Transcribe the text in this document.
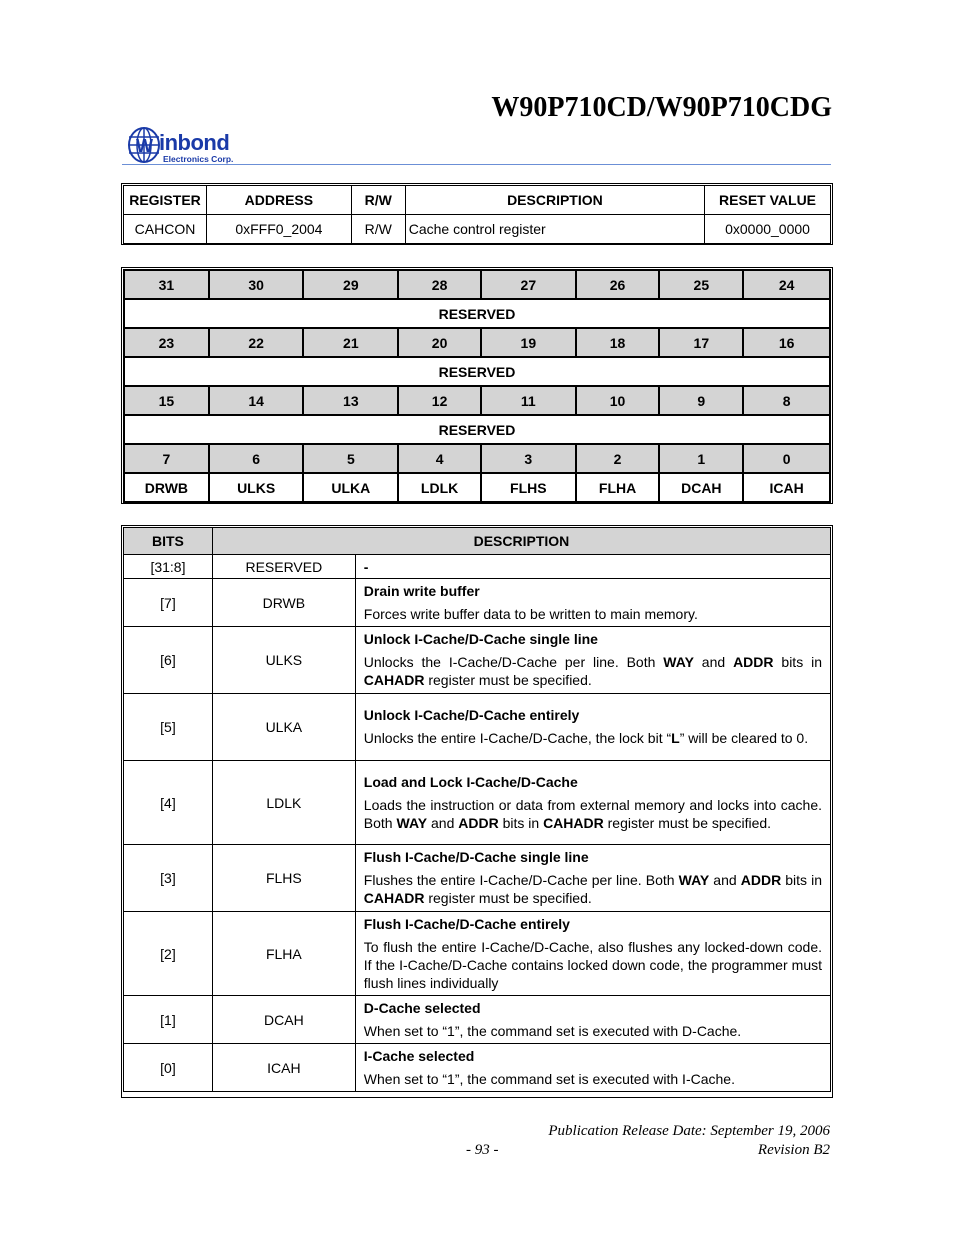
W90P710CD/W90P710CDG
W inbond
Electronics Corp.
REGISTER	ADDRESS	R/W	DESCRIPTION	RESET VALUE
CAHCON	0xFFF0_2004	R/W	Cache control register	0x0000_0000
31	30	29	28	27	26	25	24
RESERVED							
23	22	21	20	19	18	17	16
RESERVED							
15	14	13	12	11	10	9	8
RESERVED							
7	6	5	4	3	2	1	0
DRWB	ULKS	ULKA	LDLK	FLHS	FLHA	DCAH	ICAH
BITS	DESCRIPTION	
[31:8]	RESERVED	-
[7]	DRWB	Drain write buffer
Forces write buffer data to be written to main memory.

[6]	ULKS	Unlock I-Cache/D-Cache single line
Unlocks the I-Cache/D-Cache per line. Both WAY and ADDR bits in CAHADR register must be specified.

[5]	ULKA	Unlock I-Cache/D-Cache entirely
Unlocks the entire I-Cache/D-Cache, the lock bit “L” will be cleared to 0.

[4]	LDLK	Load and Lock I-Cache/D-Cache
Loads the instruction or data from external memory and locks into cache. Both WAY and ADDR bits in CAHADR register must be specified.

[3]	FLHS	Flush I-Cache/D-Cache single line
Flushes the entire I-Cache/D-Cache per line. Both WAY and ADDR bits in CAHADR register must be specified.

[2]	FLHA	Flush I-Cache/D-Cache entirely
To flush the entire I-Cache/D-Cache, also flushes any locked-down code. If the I-Cache/D-Cache contains locked down code, the programmer must flush lines individually

[1]	DCAH	D-Cache selected
When set to “1”, the command set is executed with D-Cache.

[0]	ICAH	I-Cache selected
When set to “1”, the command set is executed with I-Cache.
Publication Release Date: September 19, 2006
- 93 -	Revision B2
